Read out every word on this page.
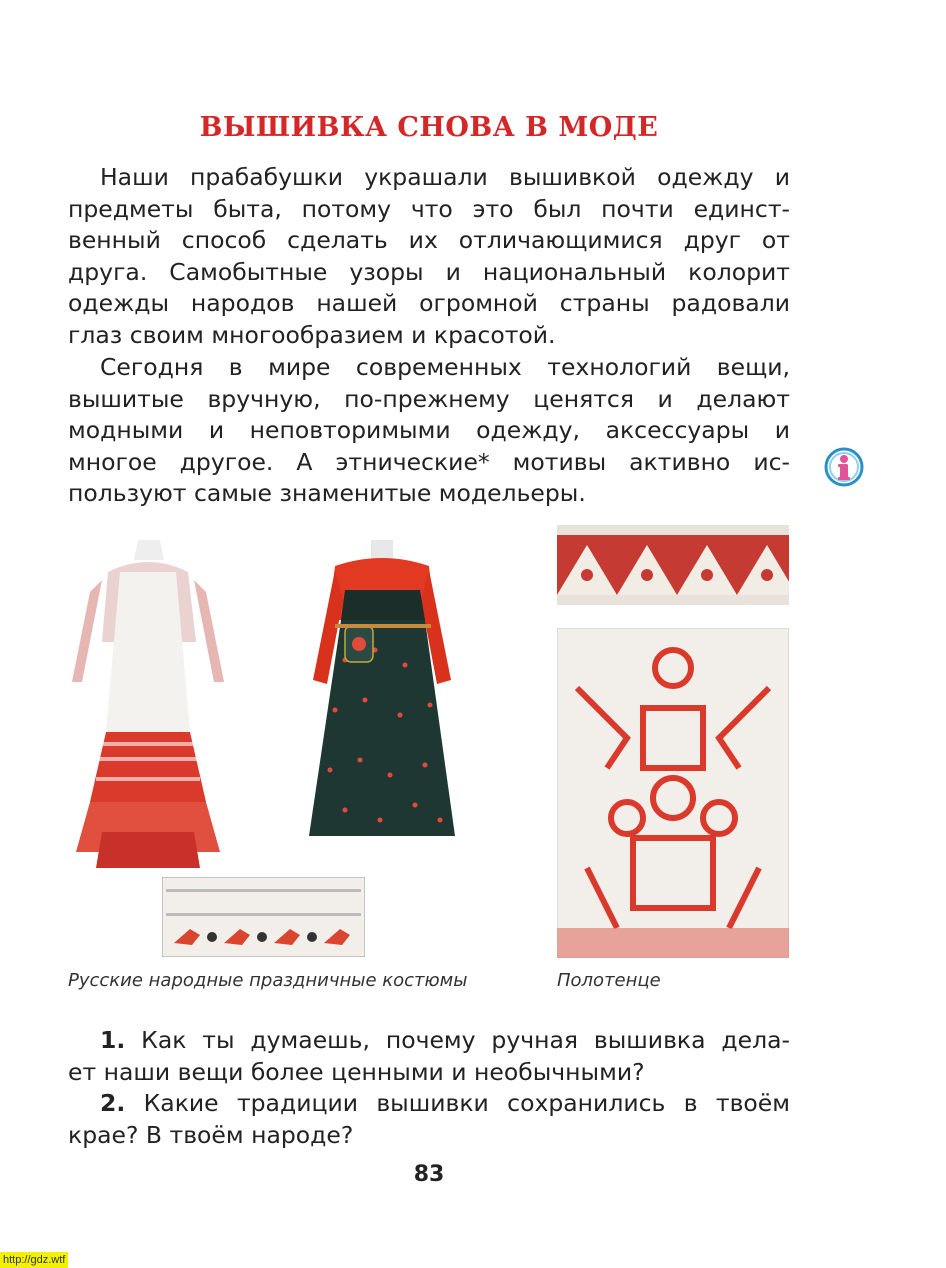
ВЫШИВКА СНОВА В МОДЕ
Наши прабабушки украшали вышивкой одежду и
предметы быта, потому что это был почти единст-
венный способ сделать их отличающимися друг от
друга. Самобытные узоры и национальный колорит
одежды народов нашей огромной страны радовали
глаз своим многообразием и красотой.
Сегодня в мире современных технологий вещи,
вышитые вручную, по-прежнему ценятся и делают
модными и неповторимыми одежду, аксессуары и
многое другое. А этнические* мотивы активно ис-
пользуют самые знаменитые модельеры.
Русские народные праздничные костюмы	Полотенце
1. Как ты думаешь, почему ручная вышивка дела-
ет наши вещи более ценными и необычными?
2. Какие традиции вышивки сохранились в твоём
крае? В твоём народе?
83
http://gdz.wtf
